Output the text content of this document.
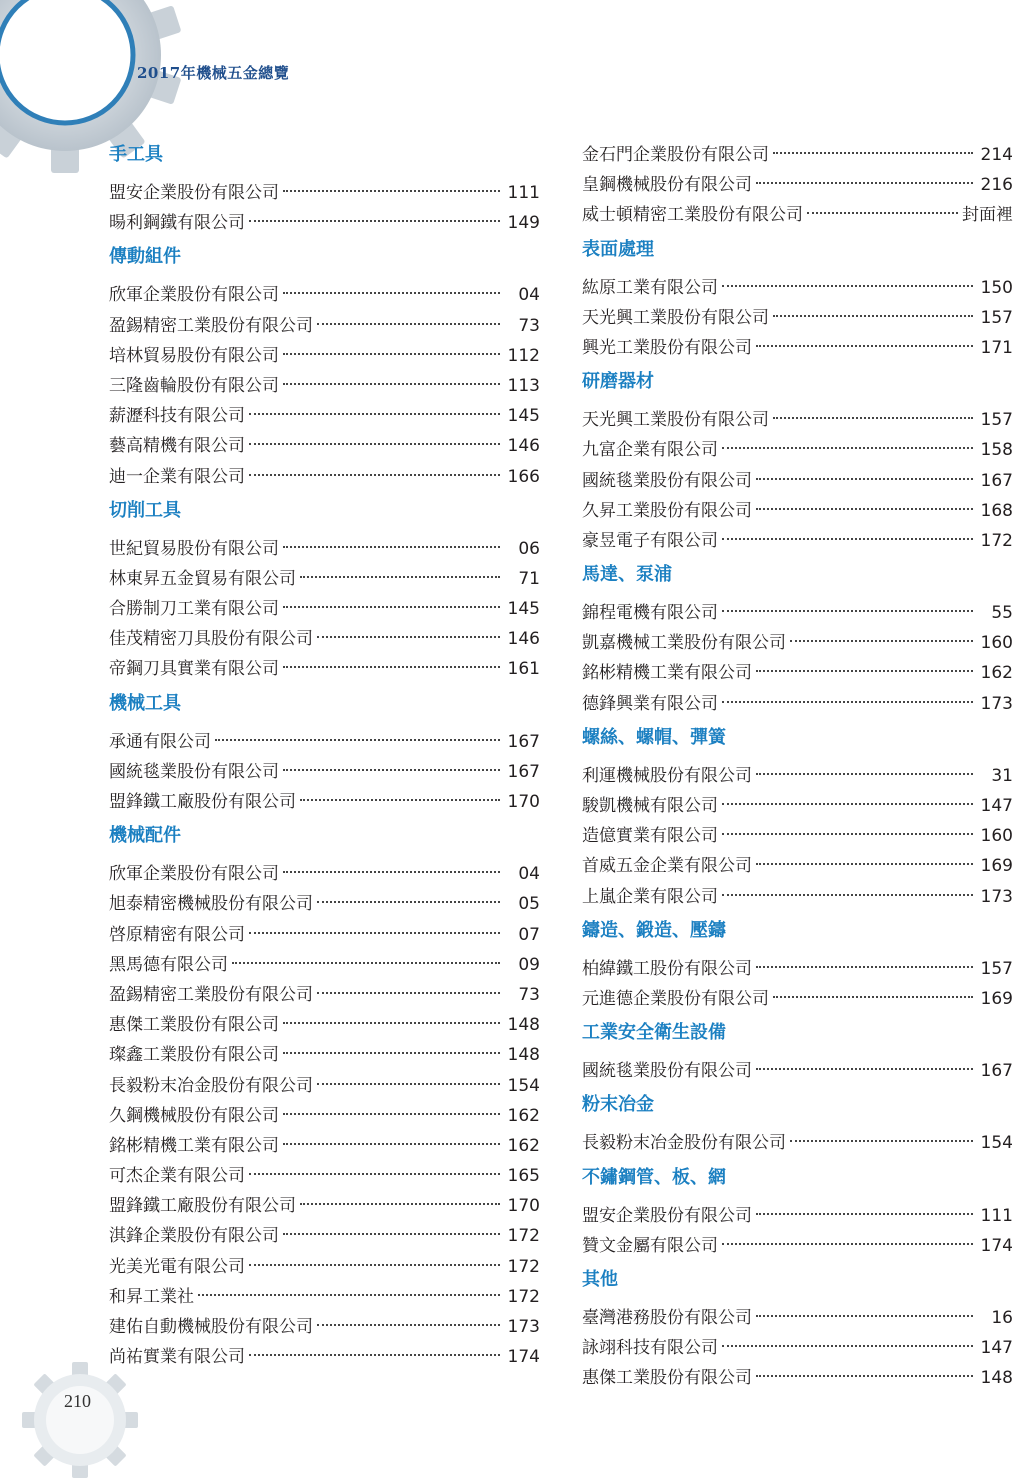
2017年機械五金總覽
210
手工具
盟安企業股份有限公司	111
暘利鋼鐵有限公司	149
傳動組件
欣軍企業股份有限公司	04
盈錫精密工業股份有限公司	73
培林貿易股份有限公司	112
三隆齒輪股份有限公司	113
薪瀝科技有限公司	145
藝高精機有限公司	146
迪一企業有限公司	166
切削工具
世紀貿易股份有限公司	06
林東昇五金貿易有限公司	71
合勝制刀工業有限公司	145
佳茂精密刀具股份有限公司	146
帝鋼刀具實業有限公司	161
機械工具
承通有限公司	167
國統毯業股份有限公司	167
盟鋒鐵工廠股份有限公司	170
機械配件
欣軍企業股份有限公司	04
旭泰精密機械股份有限公司	05
啓原精密有限公司	07
黑馬德有限公司	09
盈錫精密工業股份有限公司	73
惠傑工業股份有限公司	148
璨鑫工業股份有限公司	148
長毅粉末冶金股份有限公司	154
久鋼機械股份有限公司	162
銘彬精機工業有限公司	162
可杰企業有限公司	165
盟鋒鐵工廠股份有限公司	170
淇鋒企業股份有限公司	172
光美光電有限公司	172
和昇工業社	172
建佑自動機械股份有限公司	173
尚祐實業有限公司	174
金石門企業股份有限公司	214
皇鋼機械股份有限公司	216
威士頓精密工業股份有限公司	封面裡
表面處理
紘原工業有限公司	150
天光興工業股份有限公司	157
興光工業股份有限公司	171
研磨器材
天光興工業股份有限公司	157
九富企業有限公司	158
國統毯業股份有限公司	167
久昇工業股份有限公司	168
豪昱電子有限公司	172
馬達、泵浦
錦程電機有限公司	55
凱嘉機械工業股份有限公司	160
銘彬精機工業有限公司	162
德鋒興業有限公司	173
螺絲、螺帽、彈簧
利運機械股份有限公司	31
駿凱機械有限公司	147
造億實業有限公司	160
首威五金企業有限公司	169
上嵐企業有限公司	173
鑄造、鍛造、壓鑄
柏緯鐵工股份有限公司	157
元進德企業股份有限公司	169
工業安全衛生設備
國統毯業股份有限公司	167
粉末冶金
長毅粉末冶金股份有限公司	154
不鏽鋼管、板、網
盟安企業股份有限公司	111
贊文金屬有限公司	174
其他
臺灣港務股份有限公司	16
詠翊科技有限公司	147
惠傑工業股份有限公司	148
